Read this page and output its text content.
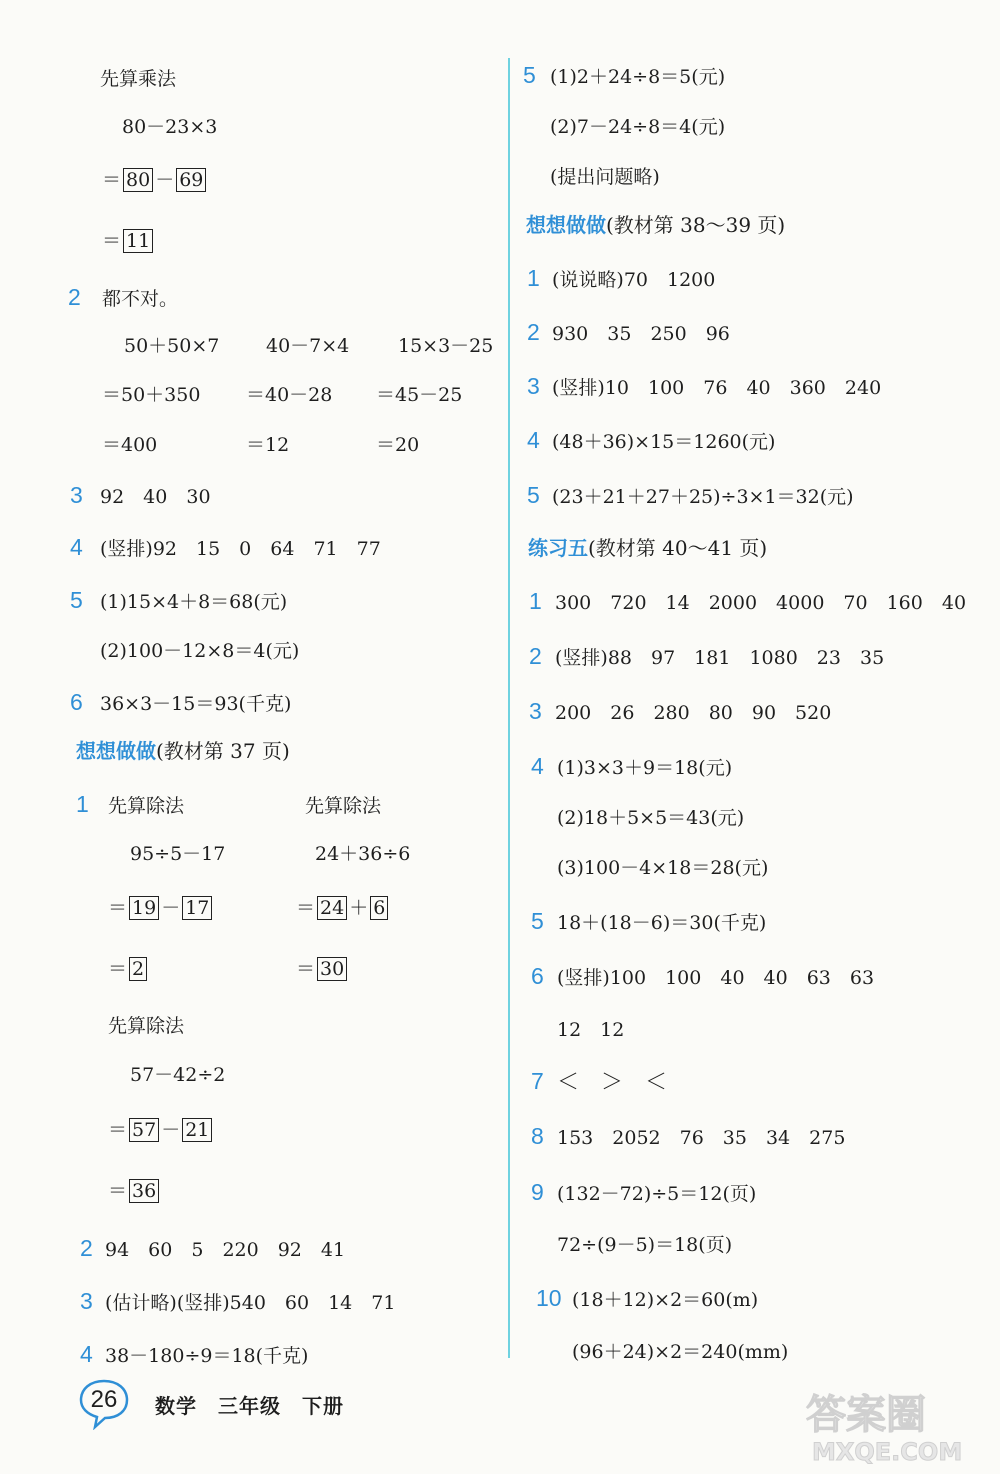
先算乘法
80－23×3
＝ 80 － 69
＝ 11
2 都不对。
50＋50×7 40－7×4	15×3－25
＝50＋350 ＝40－28 ＝45－25
＝400	＝12	＝20
3 92　40　30
4 (竖排)92　15　0　64　71　77
5 (1)15×4＋8＝68(元)
(2)100－12×8＝4(元)
6 36×3－15＝93(千克)
想想做做(教材第 37 页)
1 先算除法	先算除法
95÷5－17	24＋36÷6
＝ 19 － 17	＝ 24 ＋ 6
＝ 2	＝ 30
先算除法
57－42÷2
＝ 57 － 21
＝ 36
2 94　60　5　220　92　41
3 (估计略)(竖排)540　60　14　71
4 38－180÷9＝18(千克)
5 (1)2＋24÷8＝5(元)
(2)7－24÷8＝4(元)
(提出问题略)
想想做做(教材第 38～39 页)
1 (说说略)70　1200
2 930　35　250　96
3 (竖排)10　100　76　40　360　240
4 (48＋36)×15＝1260(元)
5 (23＋21＋27＋25)÷3×1＝32(元)
练习五(教材第 40～41 页)
1 300　720　14　2000　4000　70　160　40
2 (竖排)88　97　181　1080　23　35
3 200　26　280　80　90　520
4 (1)3×3＋9＝18(元)
(2)18＋5×5＝43(元)
(3)100－4×18＝28(元)
5 18＋(18－6)＝30(千克)
6 (竖排)100　100　40　40　63　63
12　12
7 ＜　＞　＜
8 153　2052　76　35　34　275
9 (132－72)÷5＝12(页)
72÷(9－5)＝18(页)
10 (18＋12)×2＝60(m)
(96＋24)×2＝240(mm)
26	数学　三年级　下册	答案圈
MXQE.COM
